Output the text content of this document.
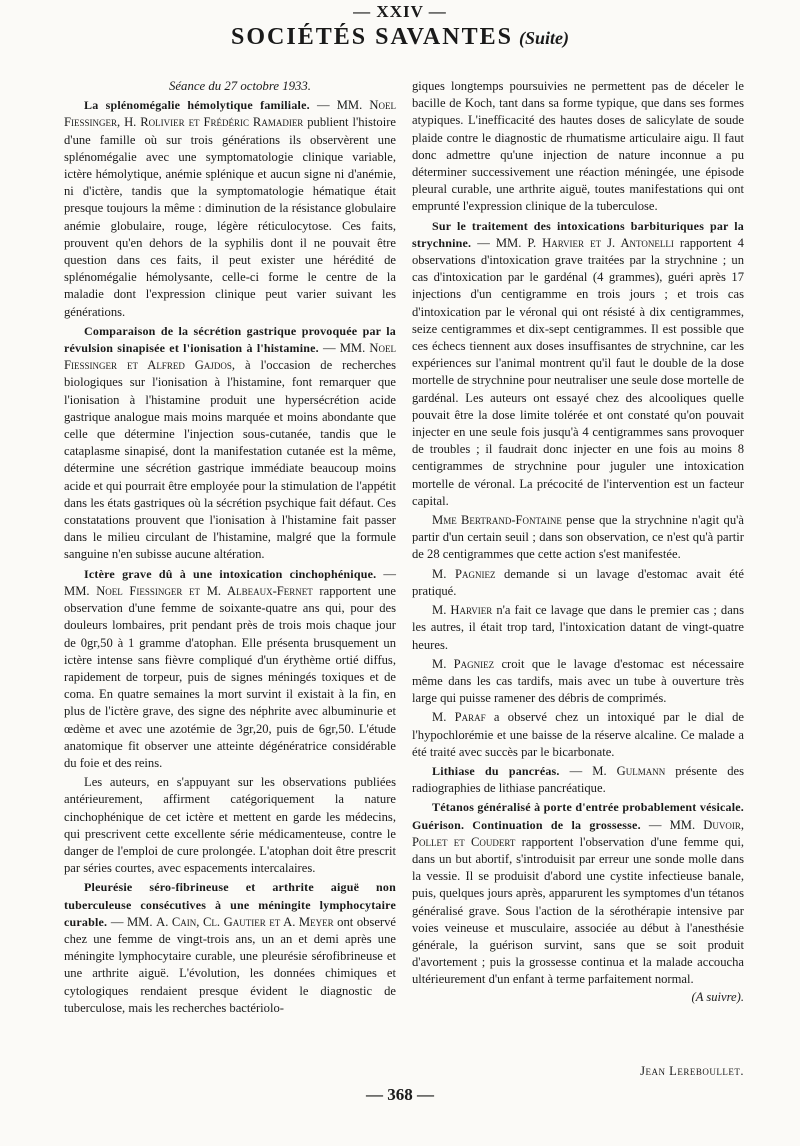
— XXIV —
SOCIÉTÉS SAVANTES (Suite)

Séance du 27 octobre 1933.

La splénomégalie hémolytique familiale. — MM. Noel Fiessinger, H. Rolivier et Frédéric Ramadier publient l'histoire d'une famille où sur trois générations ils observèrent une splénomégalie avec une symptomatologie clinique variable, ictère hémolytique, anémie splénique et aucun signe ni d'anémie, ni d'ictère, tandis que la symptomatologie hématique était presque toujours la même : diminution de la résistance globulaire anémie globulaire, rouge, légère réticulocytose. Ces faits, prouvent qu'en dehors de la syphilis dont il ne pouvait être question dans ces faits, il peut exister une hérédité de splénomégalie hémolysante, celle-ci forme le centre de la maladie dont l'expression clinique peut varier suivant les générations.

Comparaison de la sécrétion gastrique provoquée par la révulsion sinapisée et l'ionisation à l'histamine. — MM. Noel Fiessinger et Alfred Gajdos, à l'occasion de recherches biologiques sur l'ionisation à l'histamine, font remarquer que l'ionisation à l'histamine produit une hypersécrétion acide gastrique analogue mais moins marquée et moins abondante que celle que détermine l'injection sous-cutanée, tandis que le cataplasme sinapisé, dont la manifestation cutanée est la même, détermine une sécrétion gastrique immédiate beaucoup moins acide et qui pourrait être employée pour la stimulation de l'appétit dans les états gastriques où la sécrétion psychique fait défaut. Ces constatations prouvent que l'ionisation à l'histamine fait passer dans le milieu circulant de l'histamine, malgré que la formule sanguine n'en subisse aucune altération.

Ictère grave dû à une intoxication cinchophénique. — MM. Noel Fiessinger et M. Albeaux-Fernet rapportent une observation d'une femme de soixante-quatre ans qui, pour des douleurs lombaires, prit pendant près de trois mois chaque jour de 0gr,50 à 1 gramme d'atophan. Elle présenta brusquement un ictère intense sans fièvre compliqué d'un érythème ortié diffus, rapidement de torpeur, puis de signes méningés toxiques et de coma. En quatre semaines la mort survint il existait à la fin, en plus de l'ictère grave, des signe des néphrite avec albuminurie et œdème et avec une azotémie de 3gr,20, puis de 6gr,50. L'étude anatomique fit observer une atteinte dégénératrice considérable du foie et des reins.

Les auteurs, en s'appuyant sur les observations publiées antérieurement, affirment catégoriquement la nature cinchophénique de cet ictère et mettent en garde les médecins, qui prescrivent cette excellente série médicamenteuse, contre le danger de l'emploi de cure prolongée. L'atophan doit être prescrit par séries courtes, avec espacements intercalaires.

Pleurésie séro-fibrineuse et arthrite aiguë non tuberculeuse consécutives à une méningite lymphocytaire curable. — MM. A. Cain, Cl. Gautier et A. Meyer ont observé chez une femme de vingt-trois ans, un an et demi après une méningite lymphocytaire curable, une pleurésie sérofibrineuse et une arthrite aiguë. L'évolution, les données chimiques et cytologiques rendaient presque évident le diagnostic de tuberculose, mais les recherches bactériolo-

giques longtemps poursuivies ne permettent pas de déceler le bacille de Koch, tant dans sa forme typique, que dans ses formes atypiques. L'inefficacité des hautes doses de salicylate de soude plaide contre le diagnostic de rhumatisme articulaire aigu. Il faut donc admettre qu'une injection de nature inconnue a pu déterminer successivement une réaction méningée, une épisode pleural curable, une arthrite aiguë, toutes manifestations qui ont emprunté l'expression clinique de la tuberculose.

Sur le traitement des intoxications barbituriques par la strychnine. — MM. P. Harvier et J. Antonelli rapportent 4 observations d'intoxication grave traitées par la strychnine ; un cas d'intoxication par le gardénal (4 grammes), guéri après 17 injections d'un centigramme en trois jours ; et trois cas d'intoxication par le véronal qui ont résisté à dix centigrammes, seize centigrammes et dix-sept centigrammes. Il est possible que ces échecs tiennent aux doses insuffisantes de strychnine, car les expériences sur l'animal montrent qu'il faut le double de la dose mortelle de strychnine pour neutraliser une seule dose mortelle de gardénal. Les auteurs ont essayé chez des alcooliques quelle pouvait être la dose limite tolérée et ont constaté qu'on pouvait injecter en une seule fois jusqu'à 4 centigrammes sans provoquer de troubles ; il faudrait donc injecter en une fois au moins 8 centigrammes de strychnine pour juguler une intoxication mortelle de véronal. La précocité de l'intervention est un facteur capital.

Mme Bertrand-Fontaine pense que la strychnine n'agit qu'à partir d'un certain seuil ; dans son observation, ce n'est qu'à partir de 28 centigrammes que cette action s'est manifestée.

M. Pagniez demande si un lavage d'estomac avait été pratiqué.

M. Harvier n'a fait ce lavage que dans le premier cas ; dans les autres, il était trop tard, l'intoxication datant de vingt-quatre heures.

M. Pagniez croit que le lavage d'estomac est nécessaire même dans les cas tardifs, mais avec un tube à ouverture très large qui puisse ramener des débris de comprimés.

M. Paraf a observé chez un intoxiqué par le dial de l'hypochlorémie et une baisse de la réserve alcaline. Ce malade a été traité avec succès par le bicarbonate.

Lithiase du pancréas. — M. Gulmann présente des radiographies de lithiase pancréatique.

Tétanos généralisé à porte d'entrée probablement vésicale. Guérison. Continuation de la grossesse. — MM. Duvoir, Pollet et Coudert rapportent l'observation d'une femme qui, dans un but abortif, s'introduisit par erreur une sonde molle dans la vessie. Il se produisit d'abord une cystite infectieuse banale, puis, quelques jours après, apparurent les symptomes d'un tétanos généralisé grave. Sous l'action de la sérothérapie intensive par voies veineuse et musculaire, associée au début à l'anesthésie générale, la guérison survint, sans que se soit produit d'avortement ; puis la grossesse continua et la malade accoucha ultérieurement d'un enfant à terme parfaitement normal.
(A suivre).

Jean Lereboullet.
— 368 —
